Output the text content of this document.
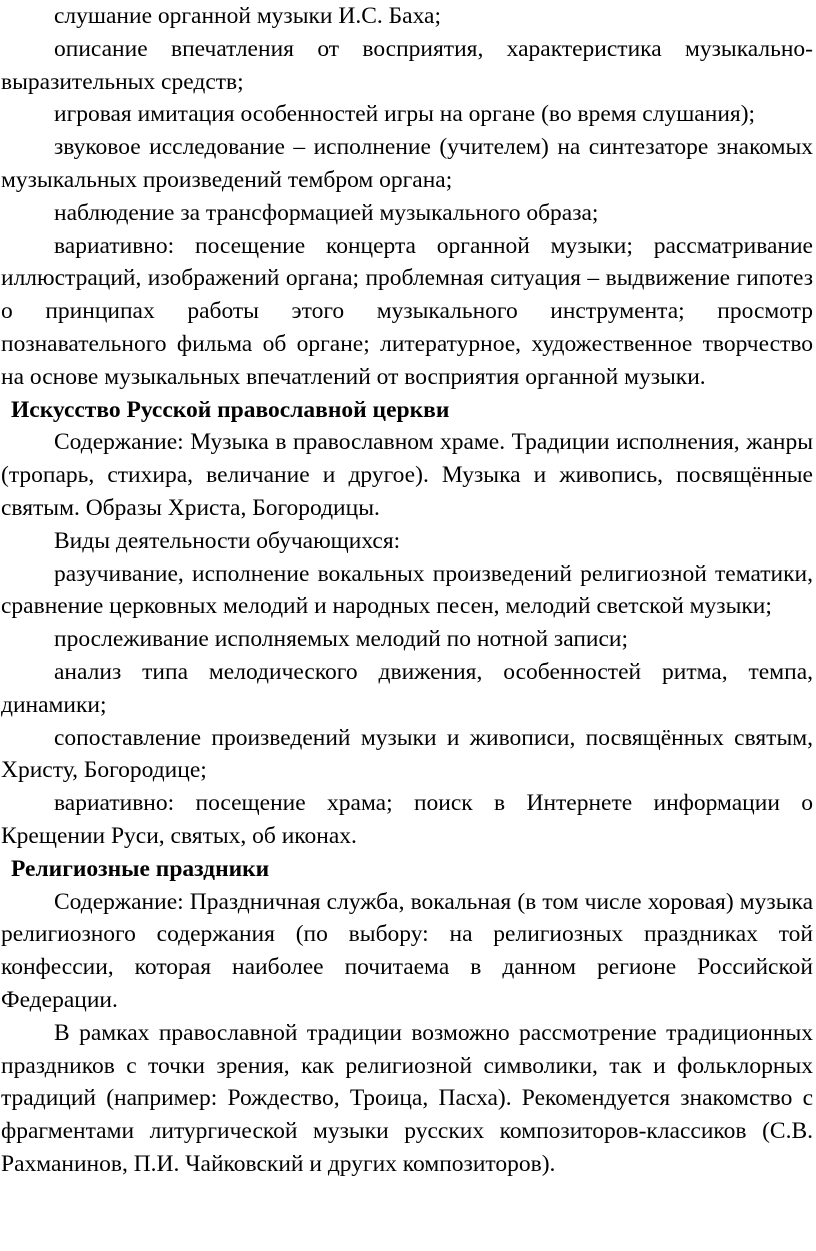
слушание органной музыки И.С. Баха;

описание впечатления от восприятия, характеристика музыкально-выразительных средств;

игровая имитация особенностей игры на органе (во время слушания);

звуковое исследование – исполнение (учителем) на синтезаторе знакомых музыкальных произведений тембром органа;

наблюдение за трансформацией музыкального образа;

вариативно: посещение концерта органной музыки; рассматривание иллюстраций, изображений органа; проблемная ситуация – выдвижение гипотез о принципах работы этого музыкального инструмента; просмотр познавательного фильма об органе; литературное, художественное творчество на основе музыкальных впечатлений от восприятия органной музыки.

Искусство Русской православной церкви

Содержание: Музыка в православном храме. Традиции исполнения, жанры (тропарь, стихира, величание и другое). Музыка и живопись, посвящённые святым. Образы Христа, Богородицы.

Виды деятельности обучающихся:

разучивание, исполнение вокальных произведений религиозной тематики, сравнение церковных мелодий и народных песен, мелодий светской музыки;

прослеживание исполняемых мелодий по нотной записи;

анализ типа мелодического движения, особенностей ритма, темпа, динамики;

сопоставление произведений музыки и живописи, посвящённых святым, Христу, Богородице;

вариативно: посещение храма; поиск в Интернете информации о Крещении Руси, святых, об иконах.

Религиозные праздники

Содержание: Праздничная служба, вокальная (в том числе хоровая) музыка религиозного содержания (по выбору: на религиозных праздниках той конфессии, которая наиболее почитаема в данном регионе Российской Федерации.

В рамках православной традиции возможно рассмотрение традиционных праздников с точки зрения, как религиозной символики, так и фольклорных традиций (например: Рождество, Троица, Пасха). Рекомендуется знакомство с фрагментами литургической музыки русских композиторов-классиков (С.В. Рахманинов, П.И. Чайковский и других композиторов).
